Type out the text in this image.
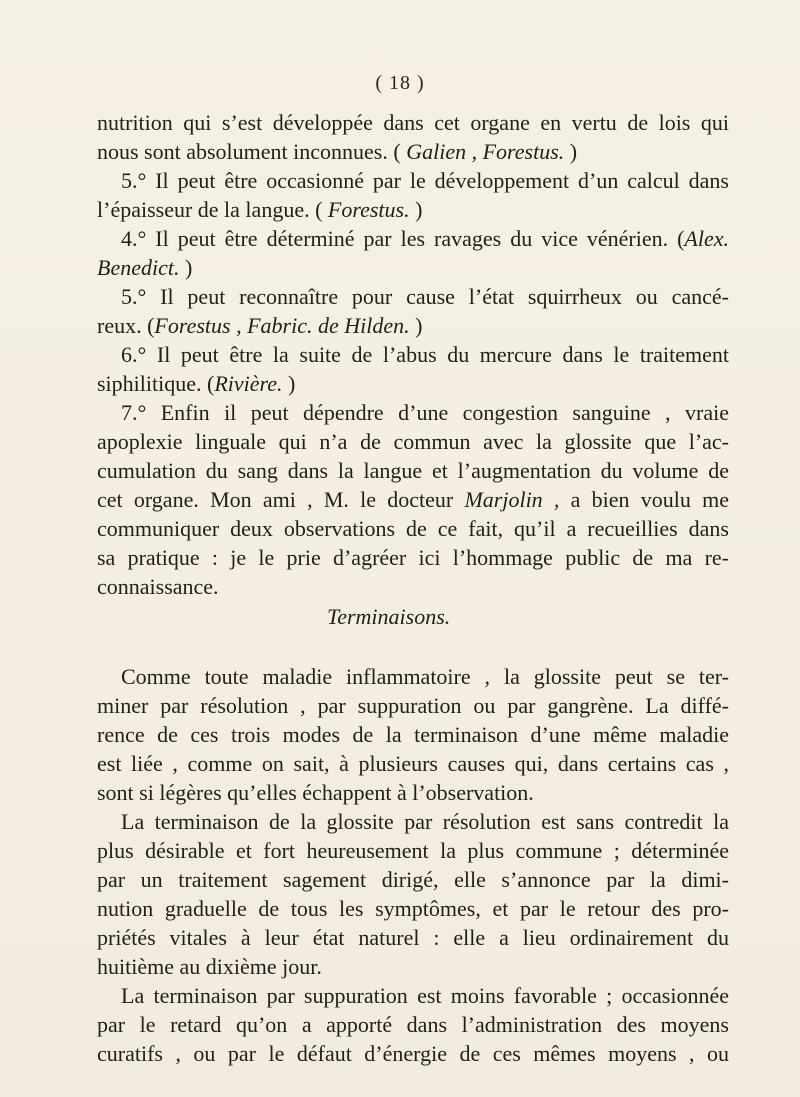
( 18 )
nutrition qui s’est développée dans cet organe en vertu de lois qui
nous sont absolument inconnues. ( Galien , Forestus. )
5.° Il peut être occasionné par le développement d’un calcul dans
l’épaisseur de la langue. ( Forestus. )
4.° Il peut être déterminé par les ravages du vice vénérien. (Alex.
Benedict. )
5.° Il peut reconnaître pour cause l’état squirrheux ou cancé-
reux. (Forestus , Fabric. de Hilden. )
6.° Il peut être la suite de l’abus du mercure dans le traitement
siphilitique. (Rivière. )
7.° Enfin il peut dépendre d’une congestion sanguine , vraie
apoplexie linguale qui n’a de commun avec la glossite que l’ac-
cumulation du sang dans la langue et l’augmentation du volume de
cet organe. Mon ami , M. le docteur Marjolin , a bien voulu me
communiquer deux observations de ce fait, qu’il a recueillies dans
sa pratique : je le prie d’agréer ici l’hommage public de ma re-
connaissance.
Terminaisons.
Comme toute maladie inflammatoire , la glossite peut se ter-
miner par résolution , par suppuration ou par gangrène. La diffé-
rence de ces trois modes de la terminaison d’une même maladie
est liée , comme on sait, à plusieurs causes qui, dans certains cas ,
sont si légères qu’elles échappent à l’observation.
La terminaison de la glossite par résolution est sans contredit la
plus désirable et fort heureusement la plus commune ; déterminée
par un traitement sagement dirigé, elle s’annonce par la dimi-
nution graduelle de tous les symptômes, et par le retour des pro-
priétés vitales à leur état naturel : elle a lieu ordinairement du
huitième au dixième jour.
La terminaison par suppuration est moins favorable ; occasionnée
par le retard qu’on a apporté dans l’administration des moyens
curatifs , ou par le défaut d’énergie de ces mêmes moyens , ou
